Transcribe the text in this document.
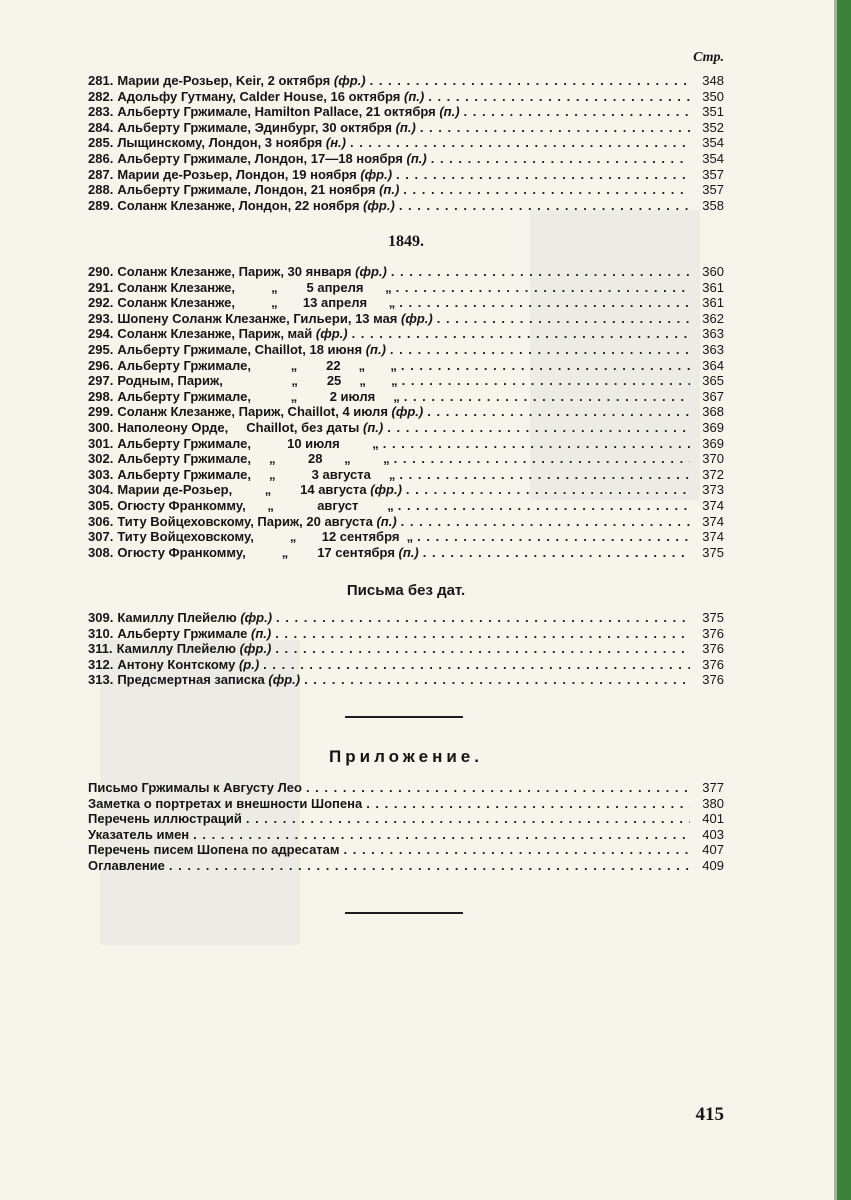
Стр.
281. Марии де-Розьер, Keir, 2 октября (фр.) . . .	348
282. Адольфу Гутману, Calder House, 16 октября (п.) . . .	350
283. Альберту Гржимале, Hamilton Pallace, 21 октября (п.) . . .	351
284. Альберту Гржимале, Эдинбург, 30 октября (п.) . . .	352
285. Лыщинскому, Лондон, 3 ноября (н.) . . .	354
286. Альберту Гржимале, Лондон, 17—18 ноября (п.) . . .	354
287. Марии де-Розьер, Лондон, 19 ноября (фр.) . . .	357
288. Альберту Гржимале, Лондон, 21 ноября (п.) . . .	357
289. Соланж Клезанже, Лондон, 22 ноября (фр.) . . .	358
1849.
290. Соланж Клезанже, Париж, 30 января (фр.) . . .	360
291. Соланж Клезанже,          „        5 апреля      „ . . .	361
292. Соланж Клезанже,          „       13 апреля      „ . . .	361
293. Шопену Соланж Клезанже, Гильери, 13 мая (фр.) . . .	362
294. Соланж Клезанже, Париж, май (фр.) . . .	363
295. Альберту Гржимале, Chaillot, 18 июня (п.) . . .	363
296. Альберту Гржимале,           „        22     „       „ . . .	364
297. Родным, Париж,                   „        25     „       „ . . .	365
298. Альберту Гржимале,           „         2 июля     „ . . .	367
299. Соланж Клезанже, Париж, Chaillot, 4 июля (фр.) . . .	368
300. Наполеону Орде,     Chaillot, без даты (п.) . . .	369
301. Альберту Гржимале,          10 июля         „ . . .	369
302. Альберту Гржимале,     „         28      „         „ . . .	370
303. Альберту Гржимале,     „          3 августа     „ . . .	372
304. Марии де-Розьер,         „        14 августа (фр.) . . .	373
305. Огюсту Франкомму,      „            август        „ . . .	374
306. Титу Войцеховскому, Париж, 20 августа (п.) . . .	374
307. Титу Войцеховскому,          „       12 сентября  „ . . .	374
308. Огюсту Франкомму,          „        17 сентября (п.) . . .	375
Письма без дат.
309. Камиллу Плейелю (фр.) . . .	375
310. Альберту Гржимале (п.) . . .	376
311. Камиллу Плейелю (фр.) . . .	376
312. Антону Контскому (р.) . . .	376
313. Предсмертная записка (фр.) . . .	376
Приложение.
Письмо Гржималы к Августу Лео . . .	377
Заметка о портретах и внешности Шопена . . .	380
Перечень иллюстраций . . .	401
Указатель имен . . .	403
Перечень писем Шопена по адресатам . . .	407
Оглавление . . .	409
415
